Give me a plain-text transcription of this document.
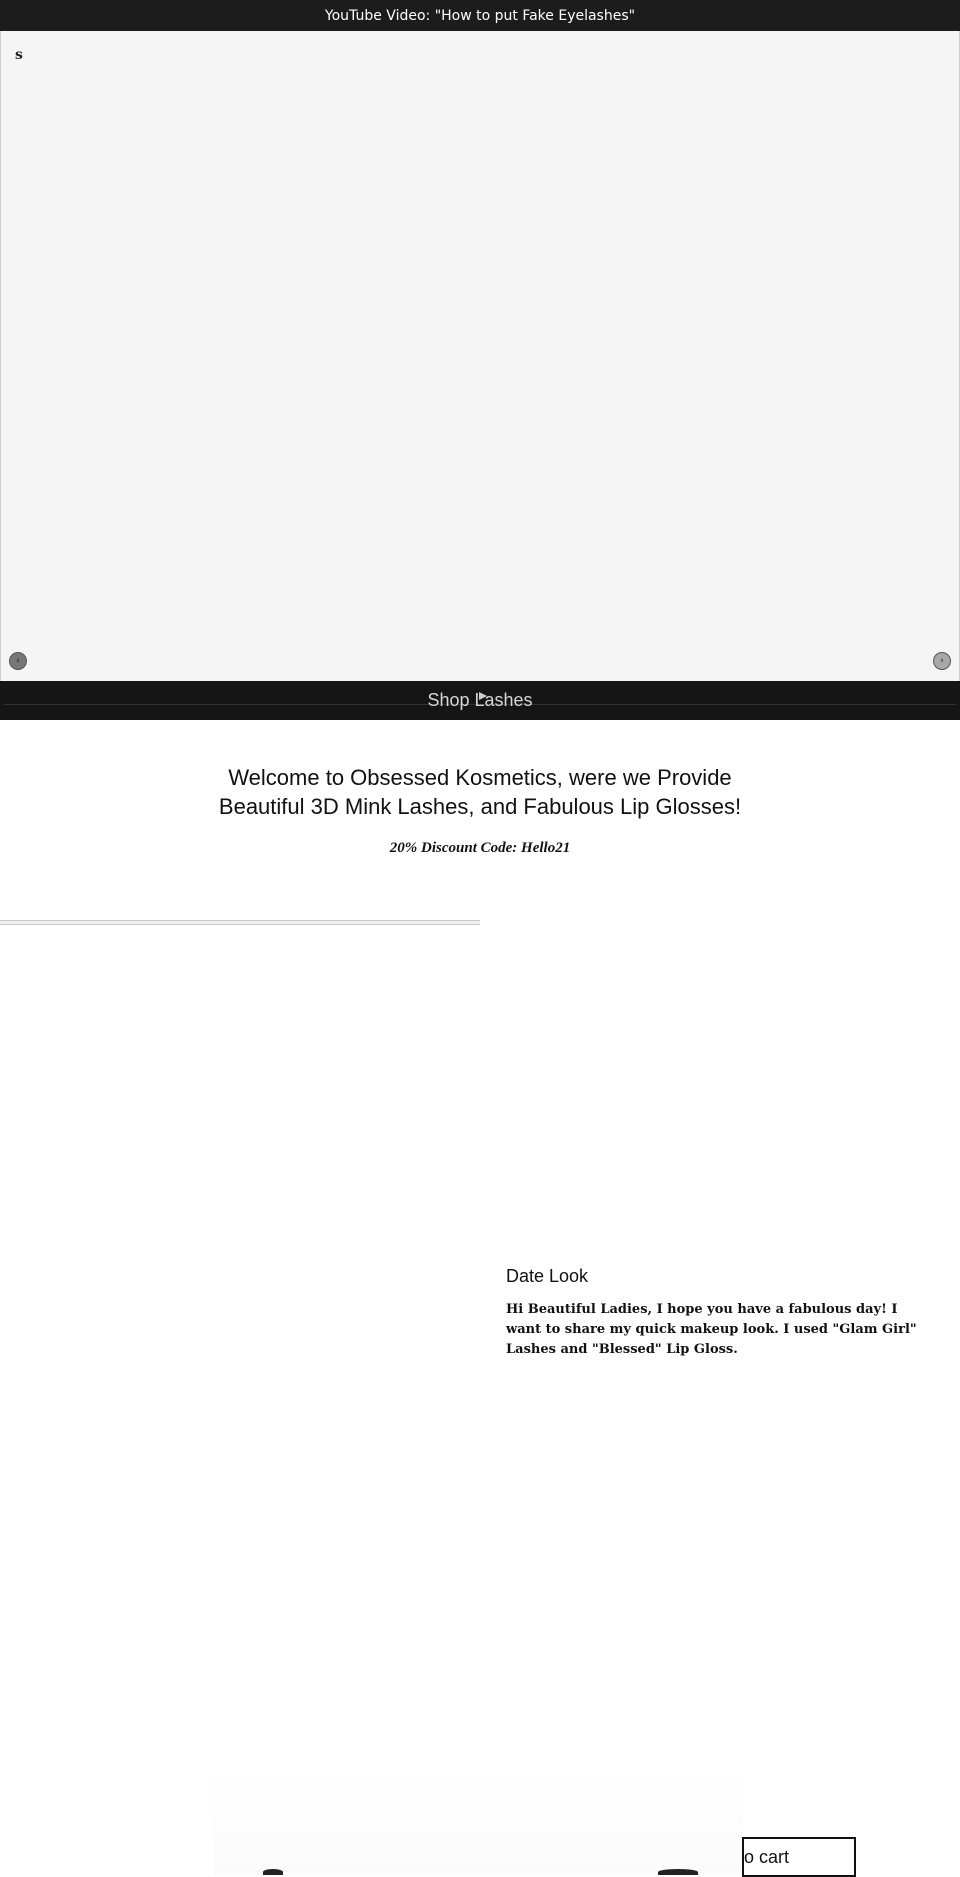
YouTube Video: "How to put Fake Eyelashes"
s
‹	›
Shop Lashes
Welcome to Obsessed Kosmetics, were we Provide
Beautiful 3D Mink Lashes, and Fabulous Lip Glosses!
20% Discount Code: Hello21
Date Look
Hi Beautiful Ladies, I hope you have a fabulous day! I want to share my quick makeup look. I used "Glam Girl" Lashes and "Blessed" Lip Gloss.
o cart
